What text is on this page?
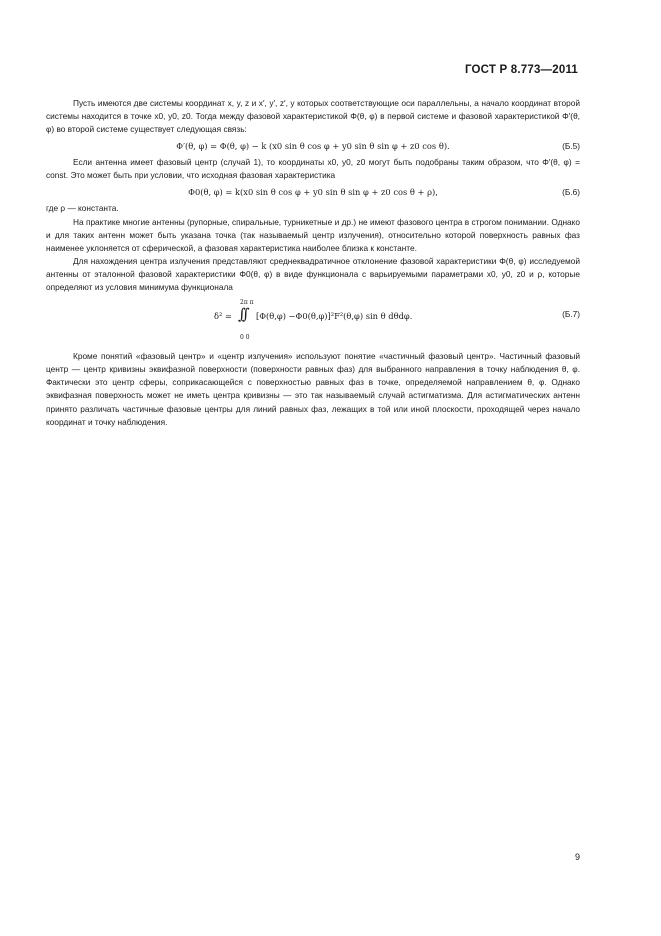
ГОСТ Р 8.773—2011

Пусть имеются две системы координат x, y, z и x′, y′, z′, у которых соответствующие оси параллельны, а начало координат второй системы находится в точке x0, y0, z0. Тогда между фазовой характеристикой Φ(θ, φ) в первой системе и фазовой характеристикой Φ′(θ, φ) во второй системе существует следующая связь:

Φ′(θ, φ) = Φ(θ, φ) − k (x0 sin θ cos φ + y0 sin θ sin φ + z0 cos θ).	(Б.5)

Если антенна имеет фазовый центр (случай 1), то координаты x0, y0, z0 могут быть подобраны таким образом, что Φ′(θ, φ) = const. Это может быть при условии, что исходная фазовая характеристика

Φ0(θ, φ) = k(x0 sin θ cos φ + y0 sin θ sin φ + z0 cos θ + ρ),	(Б.6)

где ρ — константа.

На практике многие антенны (рупорные, спиральные, турникетные и др.) не имеют фазового центра в строгом понимании. Однако и для таких антенн может быть указана точка (так называемый центр излучения), относительно которой поверхность равных фаз наименее уклоняется от сферической, а фазовая характеристика наиболее близка к константе.

Для нахождения центра излучения представляют среднеквадратичное отклонение фазовой характеристики Φ(θ, φ) исследуемой антенны от эталонной фазовой характеристики Φ0(θ, φ) в виде функционала с варьируемыми параметрами x0, y0, z0 и ρ, которые определяют из условия минимума функционала

2π π
δ² = ∫∫ [Φ(θ,φ) −Φ0(θ,φ)]²F²(θ,φ) sin θ dθdφ.
0 0
(Б.7)

Кроме понятий «фазовый центр» и «центр излучения» используют понятие «частичный фазовый центр». Частичный фазовый центр — центр кривизны эквифазной поверхности (поверхности равных фаз) для выбранного направления в точку наблюдения θ, φ. Фактически это центр сферы, соприкасающейся с поверхностью равных фаз в точке, определяемой направлением θ, φ. Однако эквифазная поверхность может не иметь центра кривизны — это так называемый случай астигматизма. Для астигматических антенн принято различать частичные фазовые центры для линий равных фаз, лежащих в той или иной плоскости, проходящей через начало координат и точку наблюдения.

9
